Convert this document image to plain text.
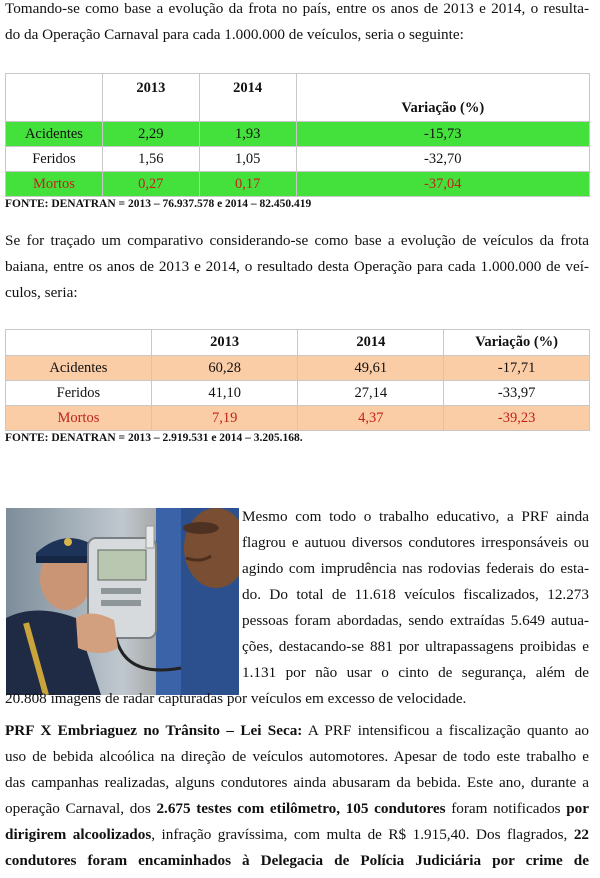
Tomando-se como base a evolução da frota no país, entre os anos de 2013 e 2014, o resulta-
do da Operação Carnaval para cada 1.000.000 de veículos, seria o seguinte:
	2013	2014	Variação (%)
Acidentes	2,29	1,93	-15,73
Feridos	1,56	1,05	-32,70
Mortos	0,27	0,17	-37,04
FONTE: DENATRAN = 2013 – 76.937.578 e 2014 – 82.450.419
Se for traçado um comparativo considerando-se como base a evolução de veículos da frota
baiana, entre os anos de 2013 e 2014, o resultado desta Operação para cada 1.000.000 de veí-
culos, seria:
	2013	2014	Variação (%)
Acidentes	60,28	49,61	-17,71
Feridos	41,10	27,14	-33,97
Mortos	7,19	4,37	-39,23
FONTE: DENATRAN = 2013 – 2.919.531 e 2014 – 3.205.168.
Mesmo com todo o trabalho educativo, a PRF ainda
flagrou e autuou diversos condutores irresponsáveis ou
agindo com imprudência nas rodovias federais do esta-
do. Do total de 11.618 veículos fiscalizados, 12.273
pessoas foram abordadas, sendo extraídas 5.649 autua-
ções, destacando-se 881 por ultrapassagens proibidas e
1.131 por não usar o cinto de segurança, além de
20.808 imagens de radar capturadas por veículos em excesso de velocidade.
PRF X Embriaguez no Trânsito – Lei Seca: A PRF intensificou a fiscalização quanto ao
uso de bebida alcoólica na direção de veículos automotores. Apesar de todo este trabalho e
das campanhas realizadas, alguns condutores ainda abusaram da bebida. Este ano, durante a
operação Carnaval, dos 2.675 testes com etilômetro, 105 condutores foram notificados por
dirigirem alcoolizados, infração gravíssima, com multa de R$ 1.915,40. Dos flagrados, 22
condutores foram encaminhados à Delegacia de Polícia Judiciária por crime de
